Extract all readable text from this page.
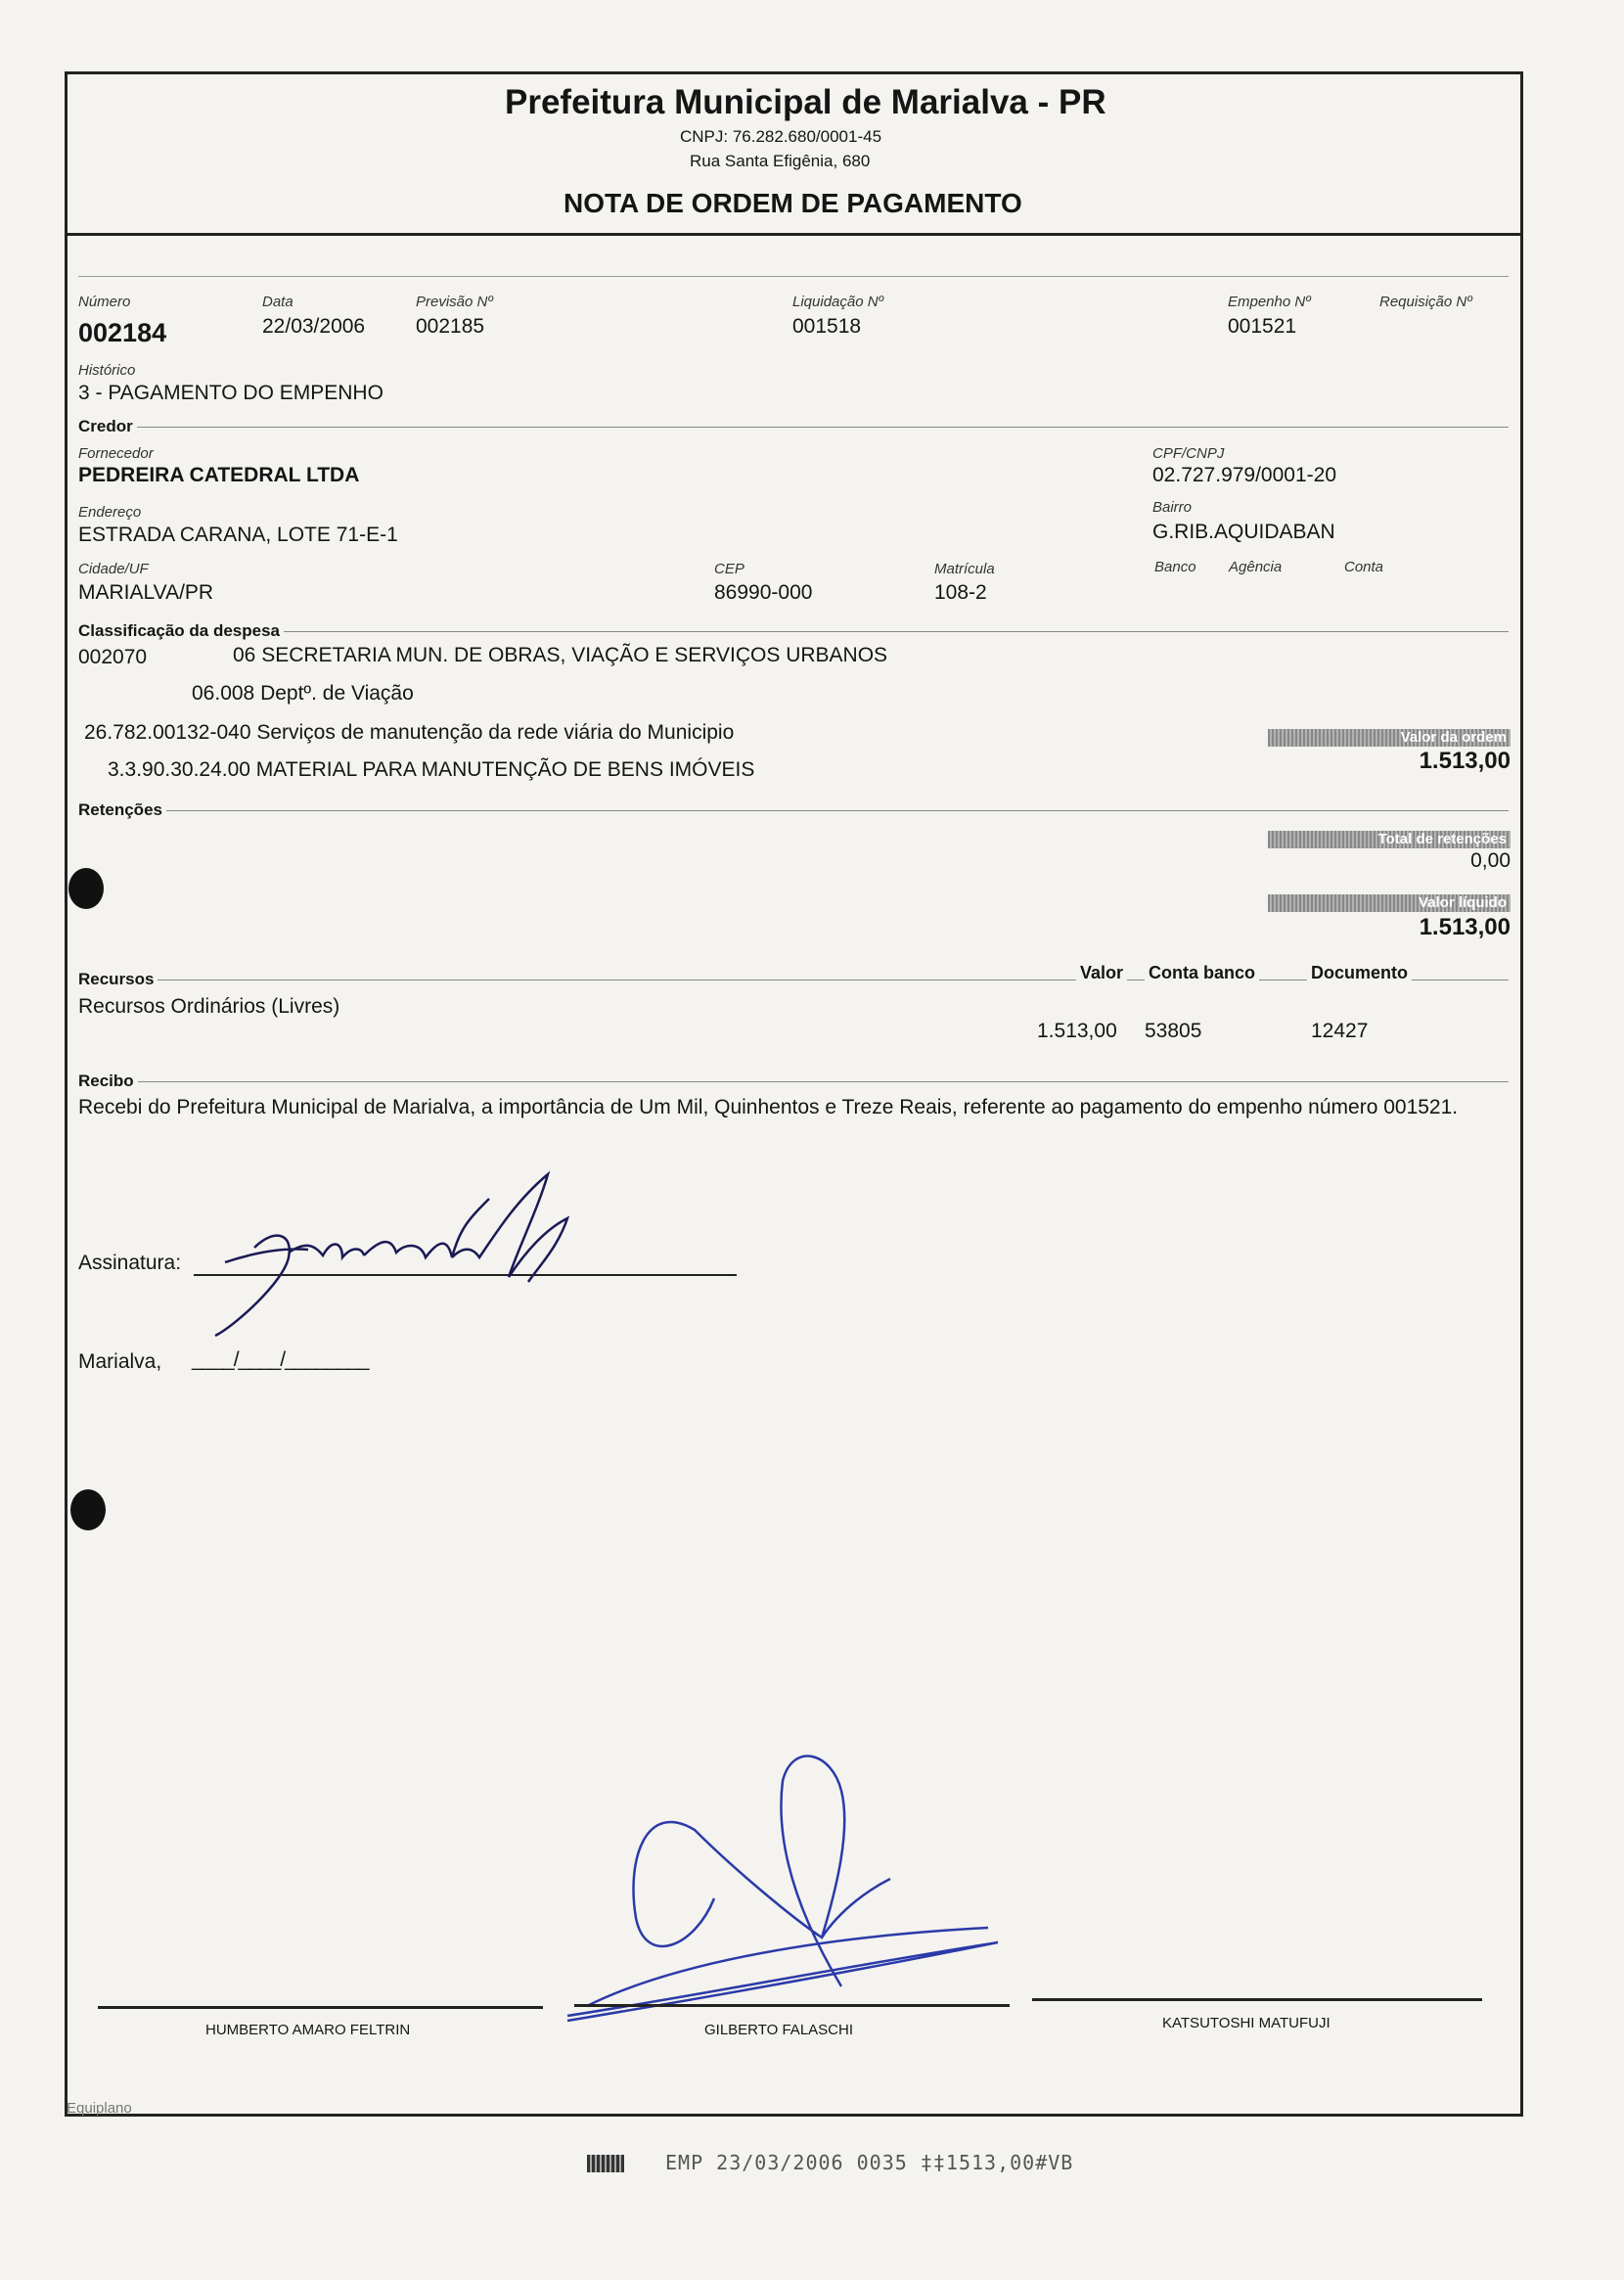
Prefeitura Municipal de Marialva - PR
CNPJ: 76.282.680/0001-45
Rua Santa Efigênia, 680
NOTA DE ORDEM DE PAGAMENTO
Número
002184
Data
22/03/2006
Previsão Nº
002185
Liquidação Nº
001518
Empenho Nº
001521
Requisição Nº
Histórico
3 - PAGAMENTO DO EMPENHO
Credor
Fornecedor
PEDREIRA CATEDRAL LTDA
CPF/CNPJ
02.727.979/0001-20
Endereço
ESTRADA CARANA, LOTE 71-E-1
Bairro
G.RIB.AQUIDABAN
Cidade/UF
MARIALVA/PR
CEP
86990-000
Matrícula
108-2
Banco Agência	Conta
Classificação da despesa
002070	06 SECRETARIA MUN. DE OBRAS, VIAÇÃO E SERVIÇOS URBANOS
06.008 Deptº. de Viação
26.782.00132-040 Serviços de manutenção da rede viária do Municipio
3.3.90.30.24.00 MATERIAL PARA MANUTENÇÃO DE BENS IMÓVEIS
Valor da ordem
1.513,00
Retenções
Total de retenções
0,00
Valor líquido
1.513,00
Recursos	Valor Conta banco	Documento
Recursos Ordinários (Livres)
1.513,00 53805	12427
Recibo
Recebi do Prefeitura Municipal de Marialva, a importância de Um Mil, Quinhentos e Treze Reais, referente ao pagamento do empenho número 001521.
Assinatura:
Marialva, ____/____/________
HUMBERTO AMARO FELTRIN	GILBERTO FALASCHI	KATSUTOSHI MATUFUJI
Equiplano
EMP 23/03/2006 0035 ‡‡1513,00#VB
